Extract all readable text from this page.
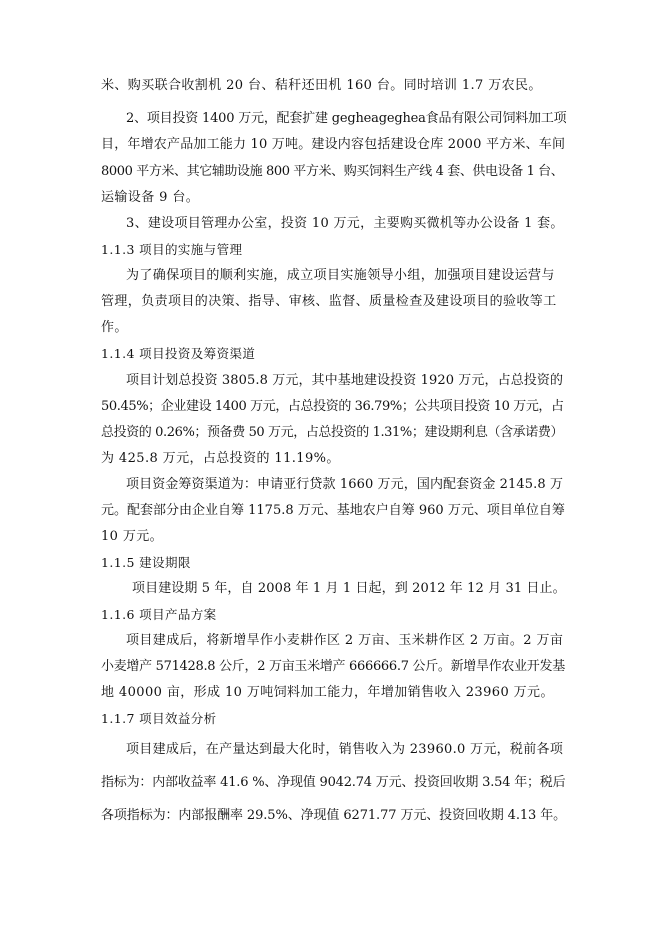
米、购买联合收割机 20 台、秸秆还田机 160 台。同时培训 1.7 万农民。
2、项目投资 1400 万元，配套扩建 gegheageghea食品有限公司饲料加工项
目，年增农产品加工能力 10 万吨。建设内容包括建设仓库 2000 平方米、车间
8000 平方米、其它辅助设施 800 平方米、购买饲料生产线 4 套、供电设备 1 台、
运输设备 9 台。
3、建设项目管理办公室，投资 10 万元，主要购买微机等办公设备 1 套。
1.1.3 项目的实施与管理
为了确保项目的顺利实施，成立项目实施领导小组，加强项目建设运营与
管理，负责项目的决策、指导、审核、监督、质量检查及建设项目的验收等工
作。
1.1.4 项目投资及筹资渠道
项目计划总投资 3805.8 万元，其中基地建设投资 1920 万元，占总投资的
50.45%；企业建设 1400 万元，占总投资的 36.79%；公共项目投资 10 万元，占
总投资的 0.26%；预备费 50 万元，占总投资的 1.31%；建设期利息（含承诺费）
为 425.8 万元，占总投资的 11.19%。
项目资金筹资渠道为：申请亚行贷款 1660 万元，国内配套资金 2145.8 万
元。配套部分由企业自筹 1175.8 万元、基地农户自筹 960 万元、项目单位自筹
10 万元。
1.1.5 建设期限
项目建设期 5 年，自 2008 年 1 月 1 日起，到 2012 年 12 月 31 日止。
1.1.6 项目产品方案
项目建成后，将新增旱作小麦耕作区 2 万亩、玉米耕作区 2 万亩。2 万亩
小麦增产 571428.8 公斤，2 万亩玉米增产 666666.7 公斤。新增旱作农业开发基
地 40000 亩，形成 10 万吨饲料加工能力，年增加销售收入 23960 万元。
1.1.7 项目效益分析
项目建成后，在产量达到最大化时，销售收入为 23960.0 万元，税前各项
指标为：内部收益率 41.6 %、净现值 9042.74 万元、投资回收期 3.54 年；税后
各项指标为：内部报酬率 29.5%、净现值 6271.77 万元、投资回收期 4.13 年。
